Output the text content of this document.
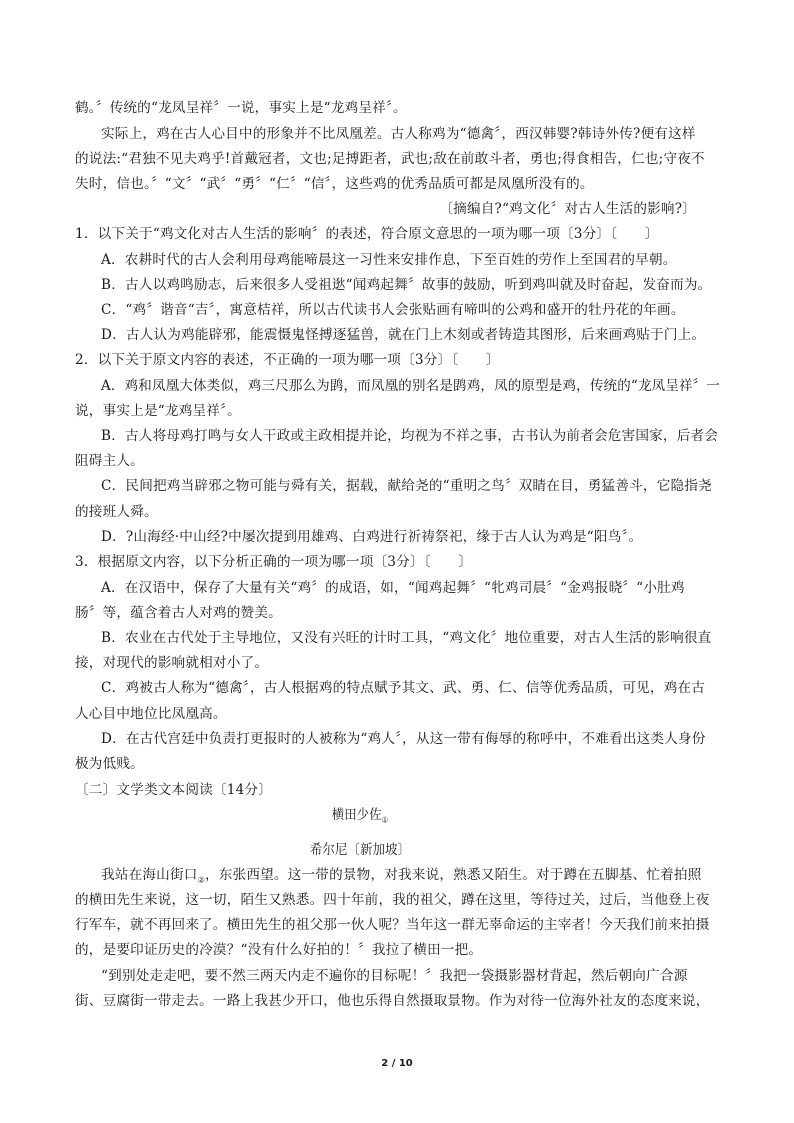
鹤。〞传统的“龙凤呈祥〞一说，事实上是“龙鸡呈祥〞。
实际上，鸡在古人心目中的形象并不比凤凰差。古人称鸡为“德禽〞，西汉韩婴?韩诗外传?便有这样
的说法:“君独不见夫鸡乎!首戴冠者，文也;足搏距者，武也;敌在前敢斗者，勇也;得食相告，仁也;守夜不
失时，信也。〞“文〞“武〞“勇〞“仁〞“信〞，这些鸡的优秀品质可都是凤凰所没有的。
〔摘编自?“鸡文化〞对古人生活的影响?〕
1．以下关于“鸡文化对古人生活的影响〞的表述，符合原文意思的一项为哪一项〔3分〕〔　　〕
A．农耕时代的古人会利用母鸡能啼晨这一习性来安排作息，下至百姓的劳作上至国君的早朝。
B．古人以鸡鸣励志，后来很多人受祖逖“闻鸡起舞〞故事的鼓励，听到鸡叫就及时奋起，发奋而为。
C．“鸡〞谐音“吉〞，寓意桔祥，所以古代读书人会张贴画有啼叫的公鸡和盛开的牡丹花的年画。
D．古人认为鸡能辟邪，能震慑鬼怪搏逐猛兽，就在门上木刻或者铸造其图形，后来画鸡贴于门上。
2．以下关于原文内容的表述，不正确的一项为哪一项〔3分〕〔　　〕
A．鸡和凤凰大体类似，鸡三尺那么为鹍，而凤凰的别名是鹍鸡，凤的原型是鸡，传统的“龙凤呈祥〞一
说，事实上是“龙鸡呈祥〞。
B．古人将母鸡打鸣与女人干政或主政相提并论，均视为不祥之事，古书认为前者会危害国家，后者会
阻碍主人。
C．民间把鸡当辟邪之物可能与舜有关，据载，献给尧的“重明之鸟〞双睛在目，勇猛善斗，它隐指尧
的接班人舜。
D．?山海经·中山经?中屡次提到用雄鸡、白鸡进行祈祷祭祀，缘于古人认为鸡是“阳鸟〞。
3．根据原文内容，以下分析正确的一项为哪一项〔3分〕〔　　〕
A．在汉语中，保存了大量有关“鸡〞的成语，如，“闻鸡起舞〞“牝鸡司晨〞“金鸡报晓〞“小肚鸡
肠〞等，蕴含着古人对鸡的赞美。
B．农业在古代处于主导地位，又没有兴旺的计时工具，“鸡文化〞地位重要，对古人生活的影响很直
接，对现代的影响就相对小了。
C．鸡被古人称为“德禽〞，古人根据鸡的特点赋予其文、武、勇、仁、信等优秀品质，可见，鸡在古
人心目中地位比凤凰高。
D．在古代宫廷中负责打更报时的人被称为“鸡人〞，从这一带有侮辱的称呼中，不难看出这类人身份
极为低贱。
〔二〕文学类文本阅读〔14分〕
横田少佐$_①$
希尔尼〔新加坡〕
我站在海山街口$_②$，东张西望。这一带的景物，对我来说，熟悉又陌生。对于蹲在五脚基、忙着拍照
的横田先生来说，这一切，陌生又熟悉。四十年前，我的祖父，蹲在这里，等待过关，过后，当他登上夜
行军车，就不再回来了。横田先生的祖父那一伙人呢？当年这一群无辜命运的主宰者！今天我们前来拍摄
的，是要印证历史的冷漠？“没有什么好拍的！〞我拉了横田一把。
“到别处走走吧，要不然三两天内走不遍你的目标呢！〞我把一袋摄影器材背起，然后朝向广合源
街、豆腐街一带走去。一路上我甚少开口，他也乐得自然摄取景物。作为对待一位海外社友的态度来说，
2 / 10
